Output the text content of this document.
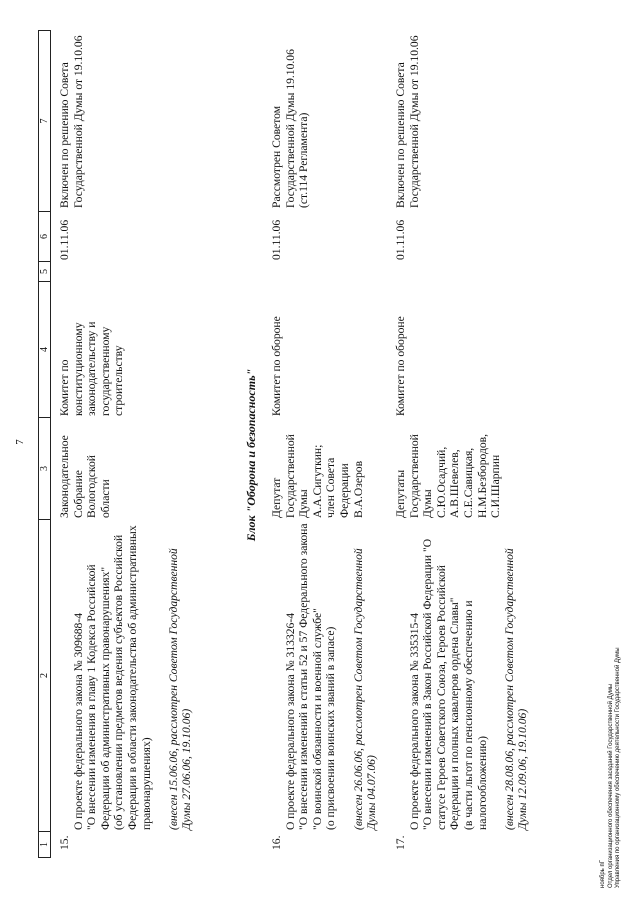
7
1
2
3
4
5
6
7
15.

О проекте федерального закона № 309688-4
"О внесении изменения в главу 1 Кодекса Российской Федерации об административных правонарушениях"
(об установлении предметов ведения субъектов Российской Федерации в области законодательства об административных правонарушениях) (внесен 15.06.06, рассмотрен Советом Государственной Думы 27.06.06, 19.10.06)

Законодательное Собрание Вологодской области
Комитет по конституционному законодательству и государственному строительству
01.11.06
Включен по решению Совета Государственной Думы от 19.10.06
Блок "Оборона и безопасность"
16.

О проекте федерального закона № 313326-4
"О внесении изменений в статьи 52 и 57 Федерального закона "О воинской обязанности и военной службе"
(о присвоении воинских званий в запасе) (внесен 26.06.06, рассмотрен Советом Государственной Думы 04.07.06)

Депутат Государственной Думы А.А.Сигуткин;
член Совета Федерации В.А.Озеров
Комитет по обороне
01.11.06
Рассмотрен Советом Государственной Думы 19.10.06
(ст.114 Регламента)
17.

О проекте федерального закона № 335315-4
"О внесении изменений в Закон Российской Федерации "О статусе Героев Советского Союза, Героев Российской Федерации и полных кавалеров ордена Славы"
(в части льгот по пенсионному обеспечению и налогообложению) (внесен 28.08.06, рассмотрен Советом Государственной Думы 12.09.06, 19.10.06)

Депутаты Государственной Думы С.Ю.Осадчий, А.В.Шевелев, С.Е.Савицкая, Н.М.Безбородов, С.И.Шарпин
Комитет по обороне
01.11.06
Включен по решению Совета Государственной Думы от 19.10.06
ноябрь пГ Отдел организационного обеспечения заседаний Государственной Думы Управления по организационному обеспечению деятельности Государственной Думы
